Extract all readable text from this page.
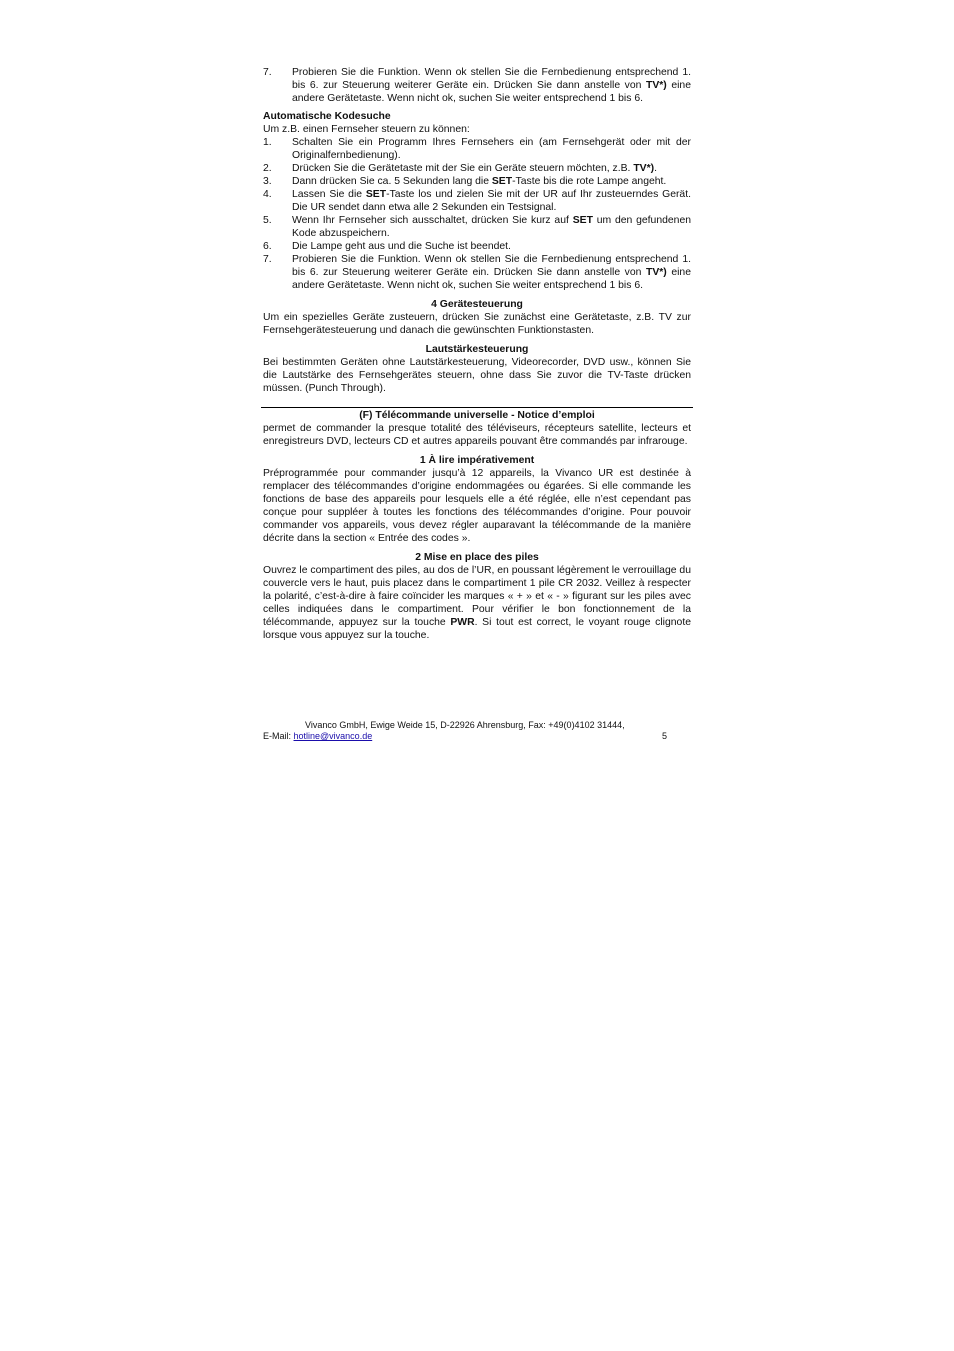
7.	Probieren Sie die Funktion. Wenn ok stellen Sie die Fernbedienung entsprechend 1. bis 6. zur Steuerung weiterer Geräte ein. Drücken Sie dann anstelle von TV*) eine andere Gerätetaste. Wenn nicht ok, suchen Sie weiter entsprechend 1 bis 6.
Automatische Kodesuche

Um z.B. einen Fernseher steuern zu können:

1.	Schalten Sie ein Programm Ihres Fernsehers ein (am Fernsehgerät oder mit der Originalfernbedienung).
2.	Drücken Sie die Gerätetaste mit der Sie ein Geräte steuern möchten, z.B. TV*).
3.	Dann drücken Sie ca. 5 Sekunden lang die SET-Taste bis die rote Lampe angeht.
4.	Lassen Sie die SET-Taste los und zielen Sie mit der UR auf Ihr zusteuerndes Gerät. Die UR sendet dann etwa alle 2 Sekunden ein Testsignal.
5.	Wenn Ihr Fernseher sich ausschaltet, drücken Sie kurz auf SET um den gefundenen Kode abzuspeichern.
6.	Die Lampe geht aus und die Suche ist beendet.
7.	Probieren Sie die Funktion. Wenn ok stellen Sie die Fernbedienung entsprechend 1. bis 6. zur Steuerung weiterer Geräte ein. Drücken Sie dann anstelle von TV*) eine andere Gerätetaste. Wenn nicht ok, suchen Sie weiter entsprechend 1 bis 6.
4 Gerätesteuerung

Um ein spezielles Geräte zusteuern, drücken Sie zunächst eine Gerätetaste, z.B. TV zur Fernsehgerätesteuerung und danach die gewünschten Funktionstasten.

Lautstärkesteuerung

Bei bestimmten Geräten ohne Lautstärkesteuerung, Videorecorder, DVD usw., können Sie die Lautstärke des Fernsehgerätes steuern, ohne dass Sie zuvor die TV-Taste drücken müssen. (Punch Through).

(F) Télécommande universelle - Notice d’emploi

permet de commander la presque totalité des téléviseurs, récepteurs satellite, lecteurs et enregistreurs DVD, lecteurs CD et autres appareils pouvant être commandés par infrarouge.

1 À lire impérativement

Préprogrammée pour commander jusqu’à 12 appareils, la Vivanco UR est destinée à remplacer des télécommandes d’origine endommagées ou égarées. Si elle commande les fonctions de base des appareils pour lesquels elle a été réglée, elle n’est cependant pas conçue pour suppléer à toutes les fonctions des télécommandes d’origine. Pour pouvoir commander vos appareils, vous devez régler auparavant la télécommande de la manière décrite dans la section « Entrée des codes ».

2 Mise en place des piles

Ouvrez le compartiment des piles, au dos de l’UR, en poussant légèrement le verrouillage du couvercle vers le haut, puis placez dans le compartiment 1 pile CR 2032. Veillez à respecter la polarité, c’est-à-dire à faire coïncider les marques « + » et « - » figurant sur les piles avec celles indiquées dans le compartiment. Pour vérifier le bon fonctionnement de la télécommande, appuyez sur la touche PWR. Si tout est correct, le voyant rouge clignote lorsque vous appuyez sur la touche.

Vivanco GmbH, Ewige Weide 15, D-22926 Ahrensburg, Fax: +49(0)4102 31444,
E-Mail: hotline@vivanco.de	5
